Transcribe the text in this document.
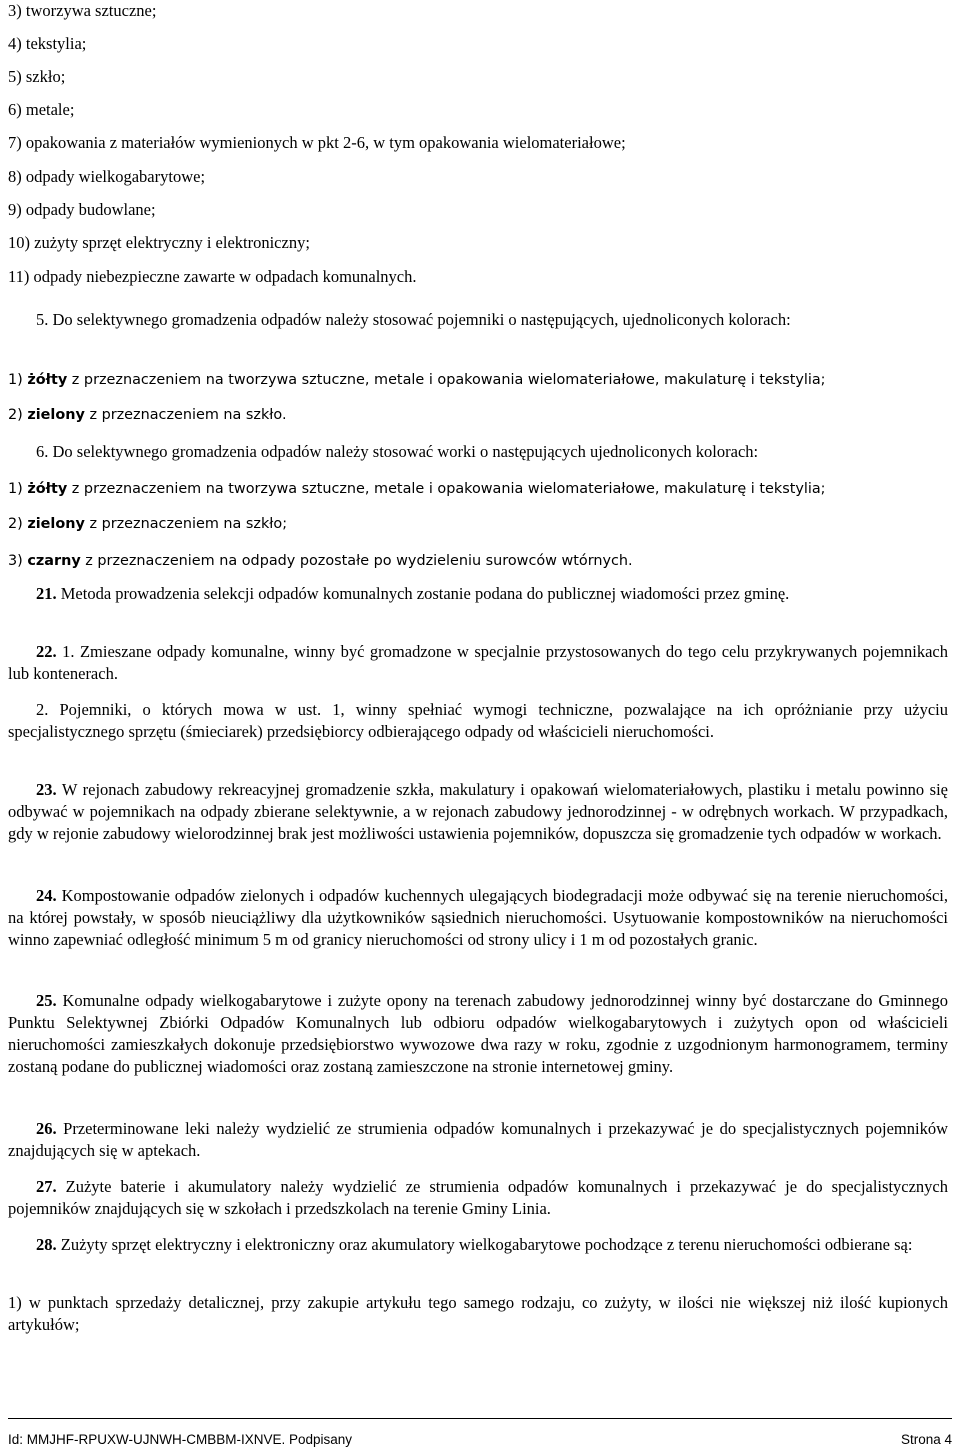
3) tworzywa sztuczne;

4) tekstylia;

5) szkło;

6) metale;

7) opakowania z materiałów wymienionych w pkt 2-6, w tym opakowania wielomateriałowe;

8) odpady wielkogabarytowe;

9) odpady budowlane;

10) zużyty sprzęt elektryczny i elektroniczny;

11) odpady niebezpieczne zawarte w odpadach komunalnych.

5. Do selektywnego gromadzenia odpadów należy stosować pojemniki o następujących, ujednoliconych kolorach:

1) żółty z przeznaczeniem na tworzywa sztuczne, metale i opakowania wielomateriałowe, makulaturę i tekstylia;

2) zielony z przeznaczeniem na szkło.

6. Do selektywnego gromadzenia odpadów należy stosować worki o następujących ujednoliconych kolorach:

1) żółty z przeznaczeniem na tworzywa sztuczne, metale i opakowania wielomateriałowe, makulaturę i tekstylia;

2) zielony z przeznaczeniem na szkło;

3) czarny z przeznaczeniem na odpady pozostałe po wydzieleniu surowców wtórnych.

21. Metoda prowadzenia selekcji odpadów komunalnych zostanie podana do publicznej wiadomości przez gminę.

22. 1. Zmieszane odpady komunalne, winny być gromadzone w specjalnie przystosowanych do tego celu przykrywanych pojemnikach lub kontenerach.

2. Pojemniki, o których mowa w ust. 1, winny spełniać wymogi techniczne, pozwalające na ich opróżnianie przy użyciu specjalistycznego sprzętu (śmieciarek) przedsiębiorcy odbierającego odpady od właścicieli nieruchomości.

23. W rejonach zabudowy rekreacyjnej gromadzenie szkła, makulatury i opakowań wielomateriałowych, plastiku i metalu powinno się odbywać w pojemnikach na odpady zbierane selektywnie, a w rejonach zabudowy jednorodzinnej - w odrębnych workach. W przypadkach, gdy w rejonie zabudowy wielorodzinnej brak jest możliwości ustawienia pojemników, dopuszcza się gromadzenie tych odpadów w workach.

24. Kompostowanie odpadów zielonych i odpadów kuchennych ulegających biodegradacji może odbywać się na terenie nieruchomości, na której powstały, w sposób nieuciążliwy dla użytkowników sąsiednich nieruchomości. Usytuowanie kompostowników na nieruchomości winno zapewniać odległość minimum 5 m od granicy nieruchomości od strony ulicy i 1 m od pozostałych granic.

25. Komunalne odpady wielkogabarytowe i zużyte opony na terenach zabudowy jednorodzinnej winny być dostarczane do Gminnego Punktu Selektywnej Zbiórki Odpadów Komunalnych lub odbioru odpadów wielkogabarytowych i zużytych opon od właścicieli nieruchomości zamieszkałych dokonuje przedsiębiorstwo wywozowe dwa razy w roku, zgodnie z uzgodnionym harmonogramem, terminy zostaną podane do publicznej wiadomości oraz zostaną zamieszczone na stronie internetowej gminy.

26. Przeterminowane leki należy wydzielić ze strumienia odpadów komunalnych i przekazywać je do specjalistycznych pojemników znajdujących się w aptekach.

27. Zużyte baterie i akumulatory należy wydzielić ze strumienia odpadów komunalnych i przekazywać je do specjalistycznych pojemników znajdujących się w szkołach i przedszkolach na terenie Gminy Linia.

28. Zużyty sprzęt elektryczny i elektroniczny oraz akumulatory wielkogabarytowe pochodzące z terenu nieruchomości odbierane są:

1) w punktach sprzedaży detalicznej, przy zakupie artykułu tego samego rodzaju, co zużyty, w ilości nie większej niż ilość kupionych artykułów;

Id: MMJHF-RPUXW-UJNWH-CMBBM-IXNVE. Podpisany	Strona 4
